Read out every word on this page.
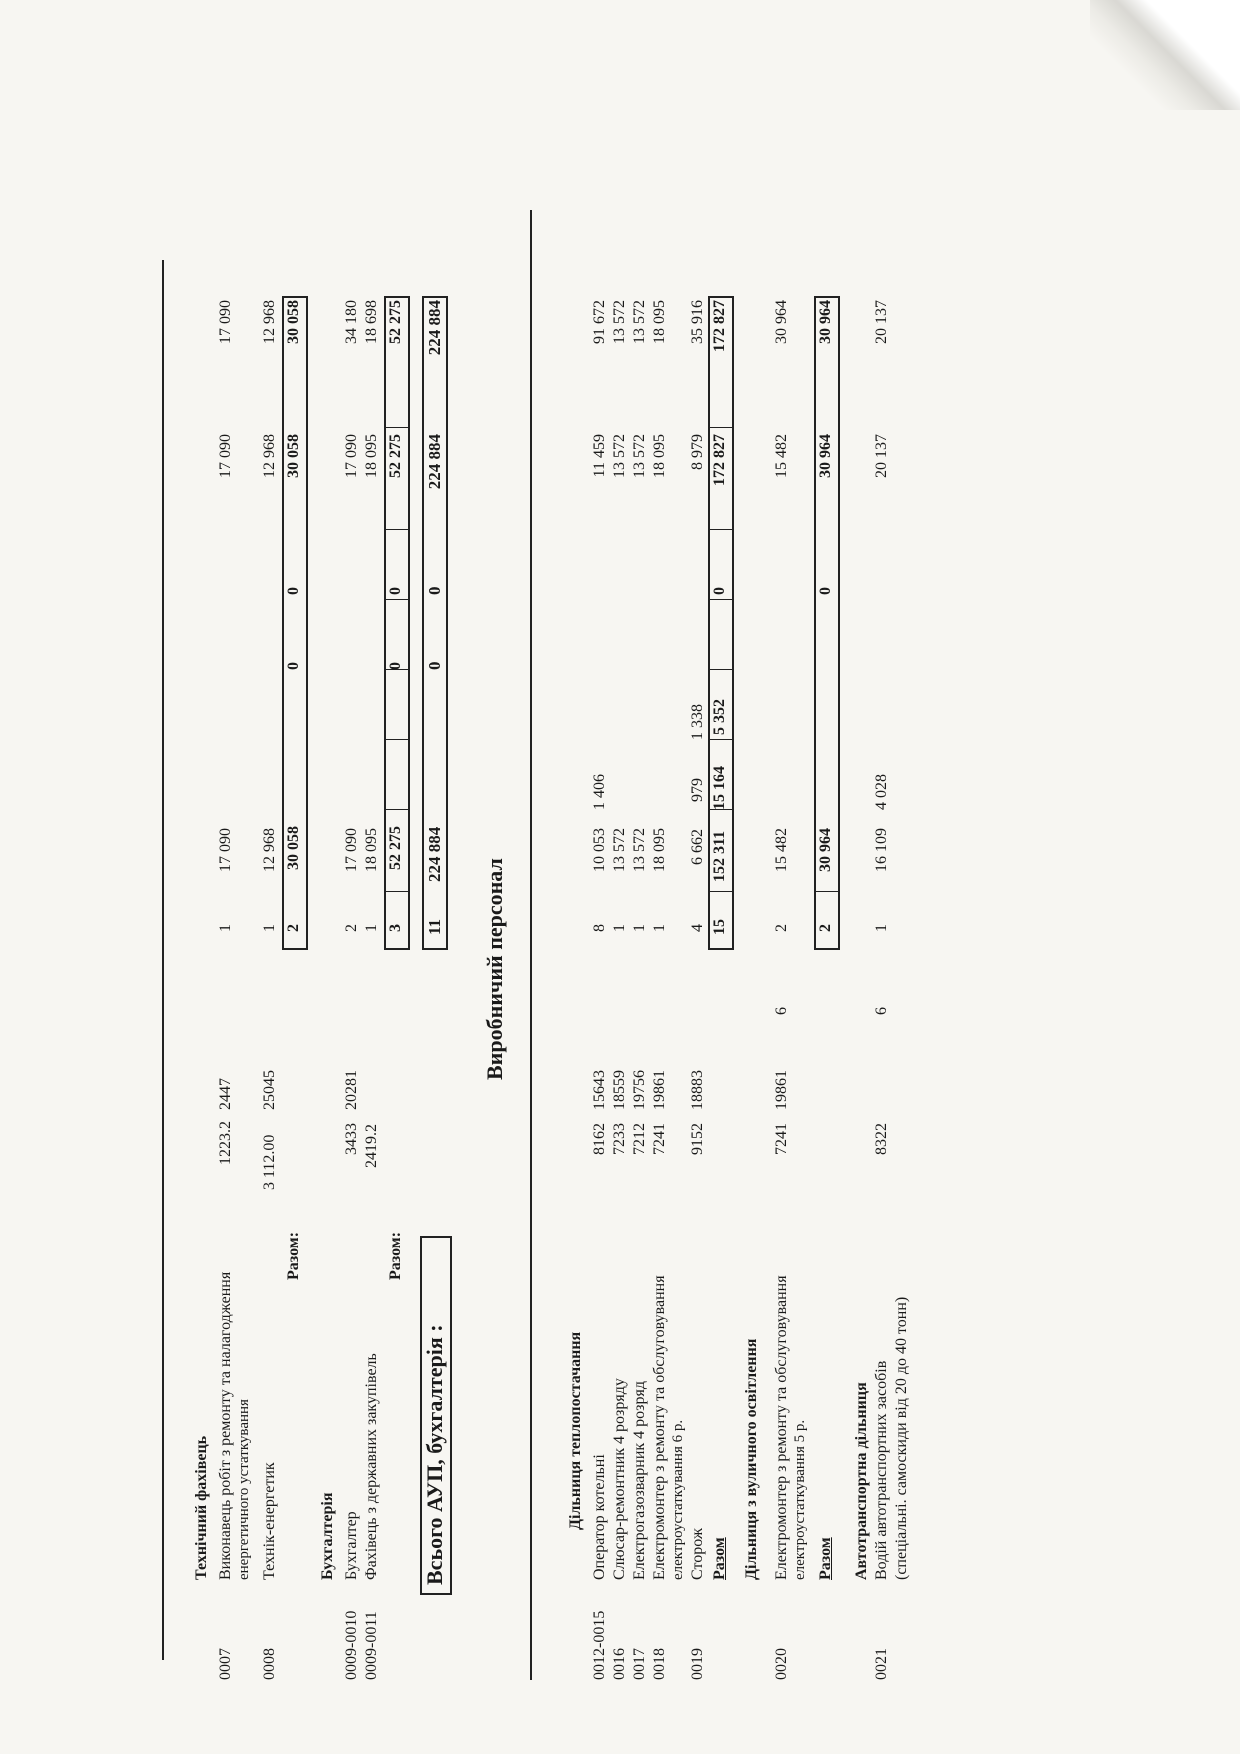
Технічний фахівець
0007
Виконавець робіт з ремонту та налагодження
1223.2
2447
1
17 090
17 090
17 090
енергетичного устаткування
0008
Технік-енергетик
3 112.00
25045
1
12 968
12 968
12 968
Разом:
2
30 058
0
0
30 058
30 058
Бухгалтерія
0009-0010
Бухгалтер
3433
20281
2
17 090
17 090
34 180
0009-0011
Фахівець з державних закупівель
2419.2
1
18 095
18 095
18 698
Разом:
3
52 275
0
0
52 275
52 275
Всього АУП, бухгалтерія :
11
224 884
0
0
224 884
224 884
Виробничий персонал
Дільниця теплопостачання
0012-0015
Оператор котельні
8162
15643
8
10 053
1 406
11 459
91 672
0016
Слюсар-ремонтник 4 розряду
7233
18559
1
13 572
13 572
13 572
0017
Електрогазозварник 4 розряд
7212
19756
1
13 572
13 572
13 572
0018
Електромонтер з ремонту та обслуговування
7241
19861
1
18 095
18 095
18 095
електроустаткування 6 р.
0019
Сторож
9152
18883
4
6 662
979
1 338
8 979
35 916
Разом
15
152 311
15 164
5 352
0
172 827
172 827
Дільниця з вуличного освітлення
0020
Електромонтер з ремонту та обслуговування
7241
19861
6
2
15 482
15 482
30 964
електроустаткування 5 р. Разом
2
30 964
0
30 964
30 964
Автотранспортна дільниця
0021
Водій автотранспортних засобів
8322
6
1
16 109
4 028
20 137
20 137
(спеціальні. самоскиди від 20 до 40 тонн)
